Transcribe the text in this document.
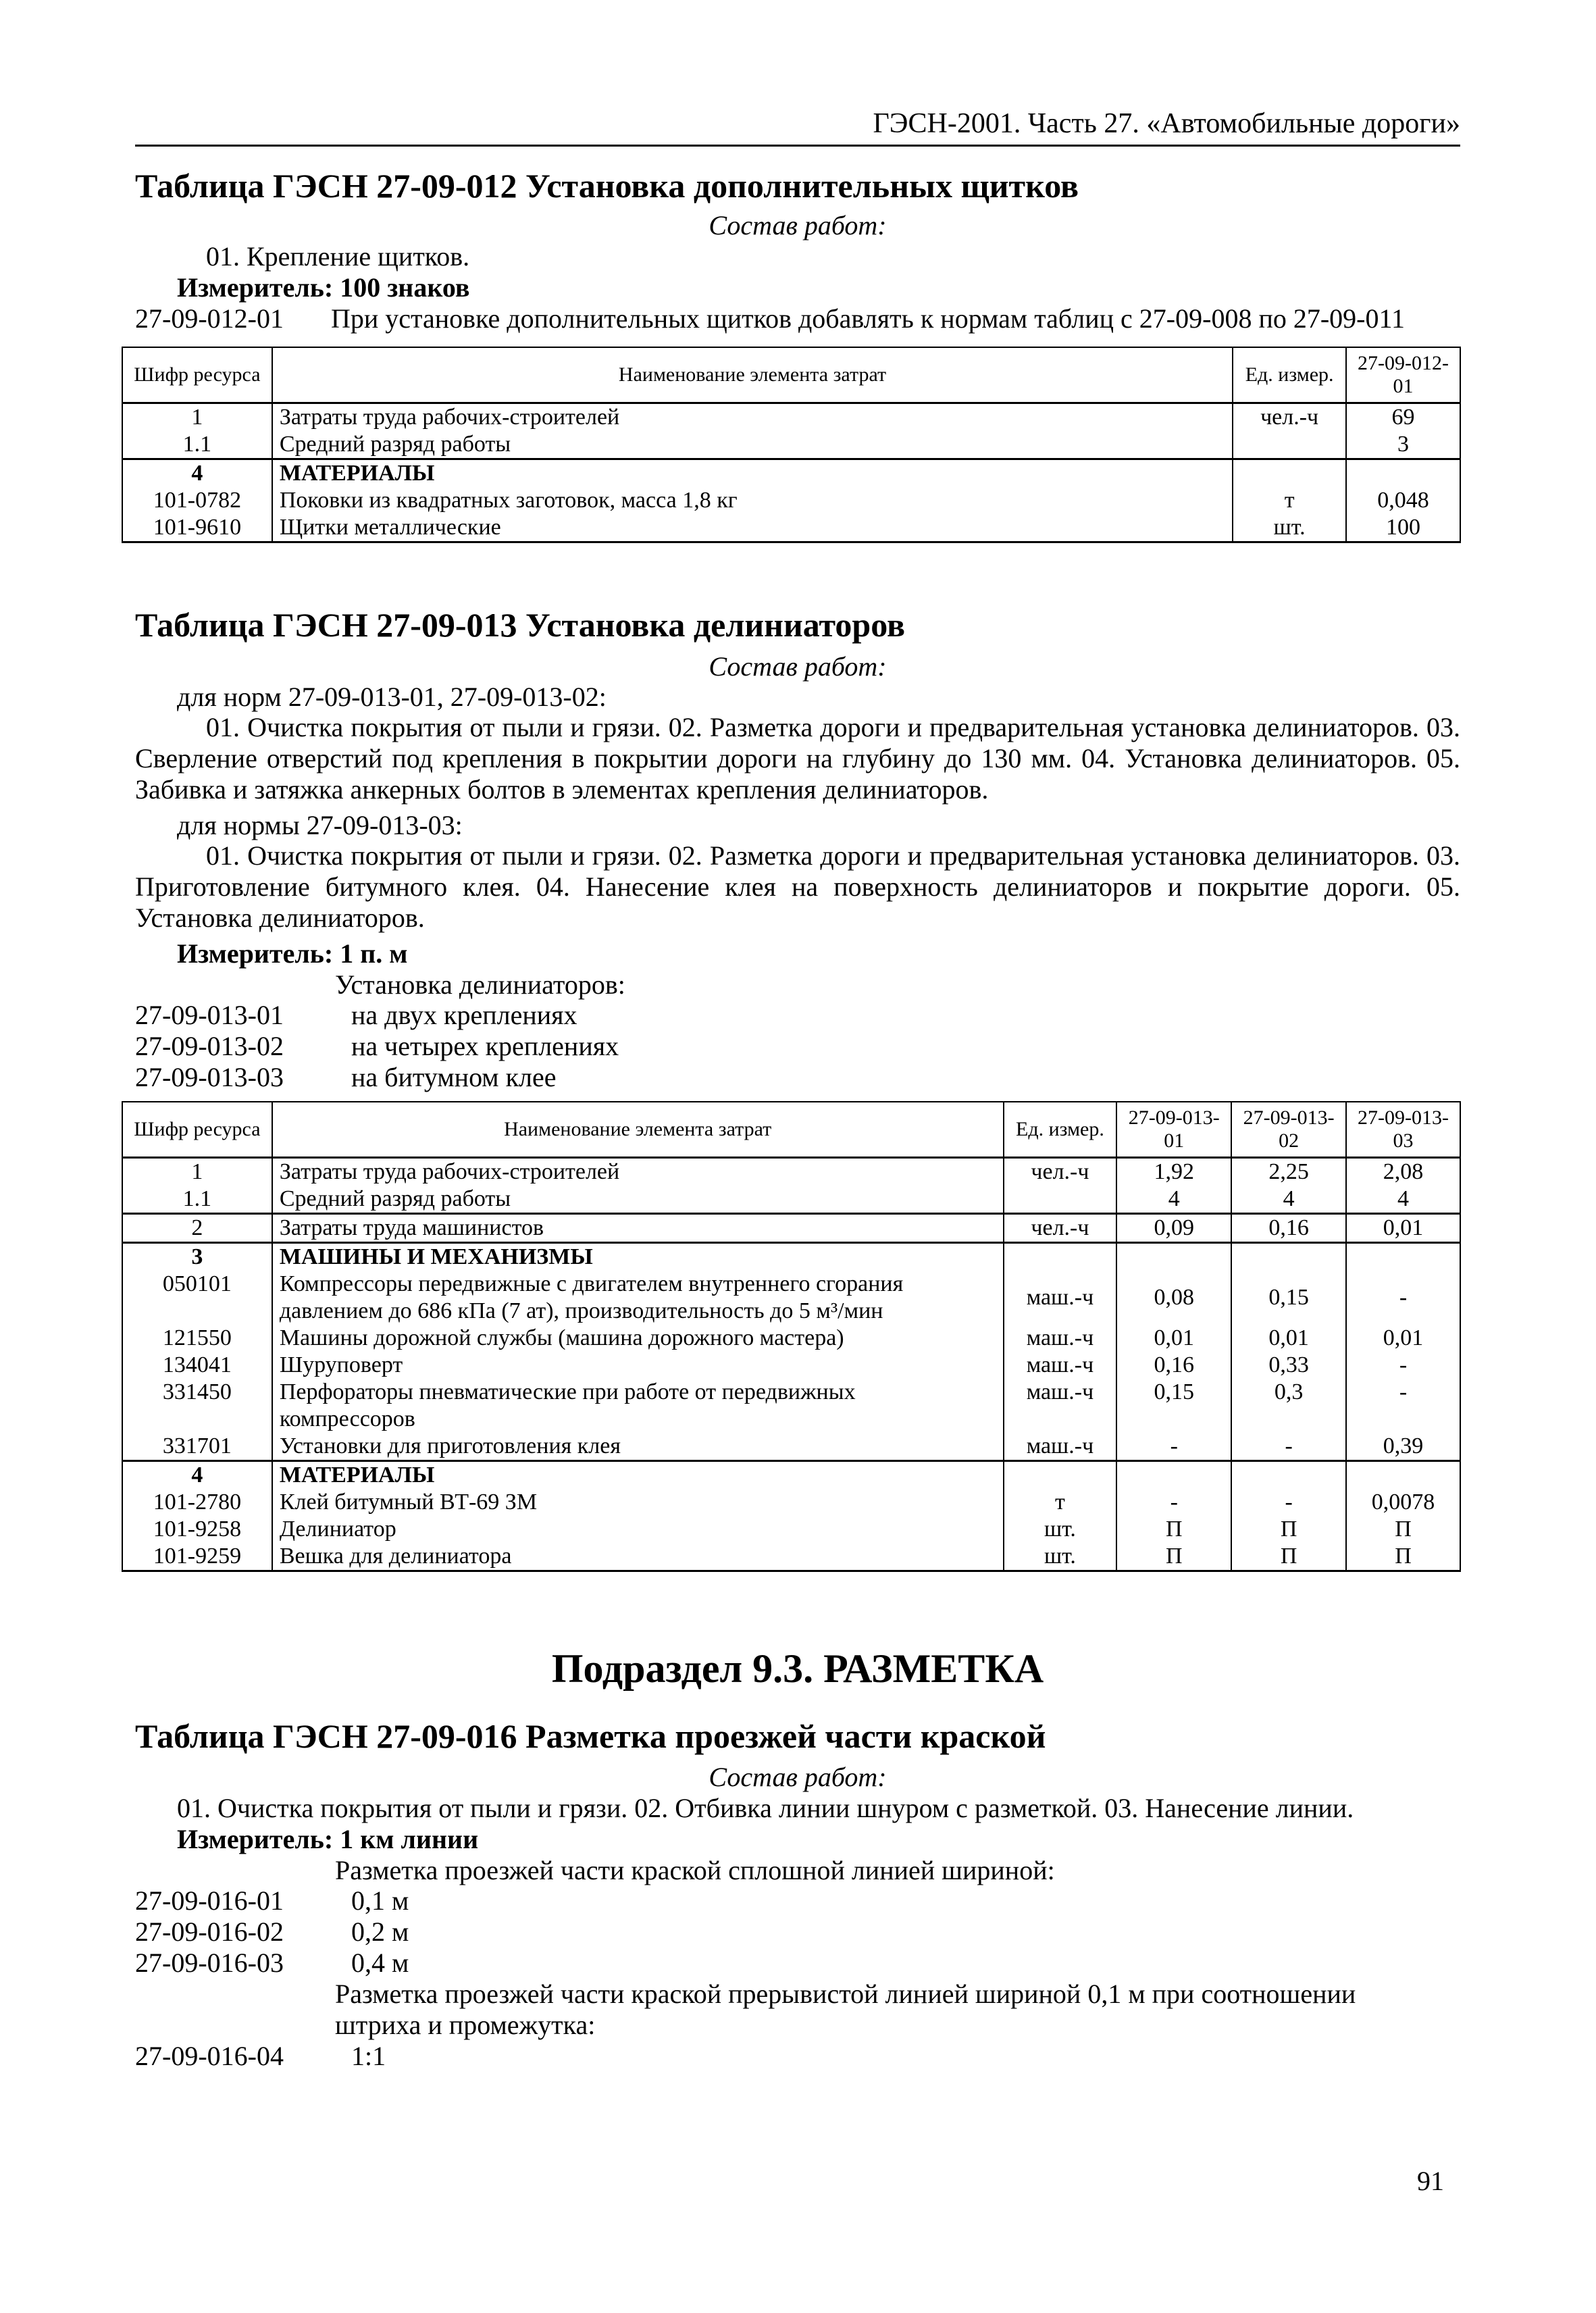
ГЭСН-2001. Часть 27. «Автомобильные дороги»
Таблица ГЭСН 27-09-012 Установка дополнительных щитков
Состав работ:
01. Крепление щитков.
Измеритель: 100 знаков
27-09-012-01 При установке дополнительных щитков добавлять к нормам таблиц с 27-09-008 по 27-09-011
Шифр ресурса	Наименование элемента затрат	Ед. измер.	27-09-012-01
1	Затраты труда рабочих-строителей	чел.-ч	69
1.1	Средний разряд работы		3
4	МАТЕРИАЛЫ		
101-0782	Поковки из квадратных заготовок, масса 1,8 кг	т	0,048
101-9610	Щитки металлические	шт.	100
Таблица ГЭСН 27-09-013 Установка делиниаторов
Состав работ:
для норм 27-09-013-01, 27-09-013-02:
01. Очистка покрытия от пыли и грязи. 02. Разметка дороги и предварительная установка делиниаторов. 03. Сверление отверстий под крепления в покрытии дороги на глубину до 130 мм. 04. Установка делиниаторов. 05. Забивка и затяжка анкерных болтов в элементах крепления делиниаторов.
для нормы 27-09-013-03:
01. Очистка покрытия от пыли и грязи. 02. Разметка дороги и предварительная установка делиниаторов. 03. Приготовление битумного клея. 04. Нанесение клея на поверхность делиниаторов и покрытие дороги. 05. Установка делиниаторов.
Измеритель: 1 п. м
Установка делиниаторов:
27-09-013-01	на двух креплениях
27-09-013-02	на четырех креплениях
27-09-013-03	на битумном клее
Шифр ресурса	Наименование элемента затрат	Ед. измер.	27-09-013-01	27-09-013-02	27-09-013-03
1	Затраты труда рабочих-строителей	чел.-ч	1,92	2,25	2,08
1.1	Средний разряд работы		4	4	4
2	Затраты труда машинистов	чел.-ч	0,09	0,16	0,01
3	МАШИНЫ И МЕХАНИЗМЫ				
050101	Компрессоры передвижные с двигателем внутреннего сгорания давлением до 686 кПа (7 ат), производительность до 5 м³/мин	маш.-ч	0,08	0,15	-
121550	Машины дорожной службы (машина дорожного мастера)	маш.-ч	0,01	0,01	0,01
134041	Шуруповерт	маш.-ч	0,16	0,33	-
331450	Перфораторы пневматические при работе от передвижных компрессоров	маш.-ч	0,15	0,3	-
331701	Установки для приготовления клея	маш.-ч	-	-	0,39
4	МАТЕРИАЛЫ				
101-2780	Клей битумный ВТ-69 ЗМ	т	-	-	0,0078
101-9258	Делиниатор	шт.	П	П	П
101-9259	Вешка для делиниатора	шт.	П	П	П
Подраздел 9.3. РАЗМЕТКА
Таблица ГЭСН 27-09-016 Разметка проезжей части краской
Состав работ:
01. Очистка покрытия от пыли и грязи. 02. Отбивка линии шнуром с разметкой. 03. Нанесение линии.
Измеритель: 1 км линии
Разметка проезжей части краской сплошной линией шириной:
27-09-016-01	0,1 м
27-09-016-02	0,2 м
27-09-016-03	0,4 м
Разметка проезжей части краской прерывистой линией шириной 0,1 м при соотношении штриха и промежутка:
27-09-016-04	1:1
91
